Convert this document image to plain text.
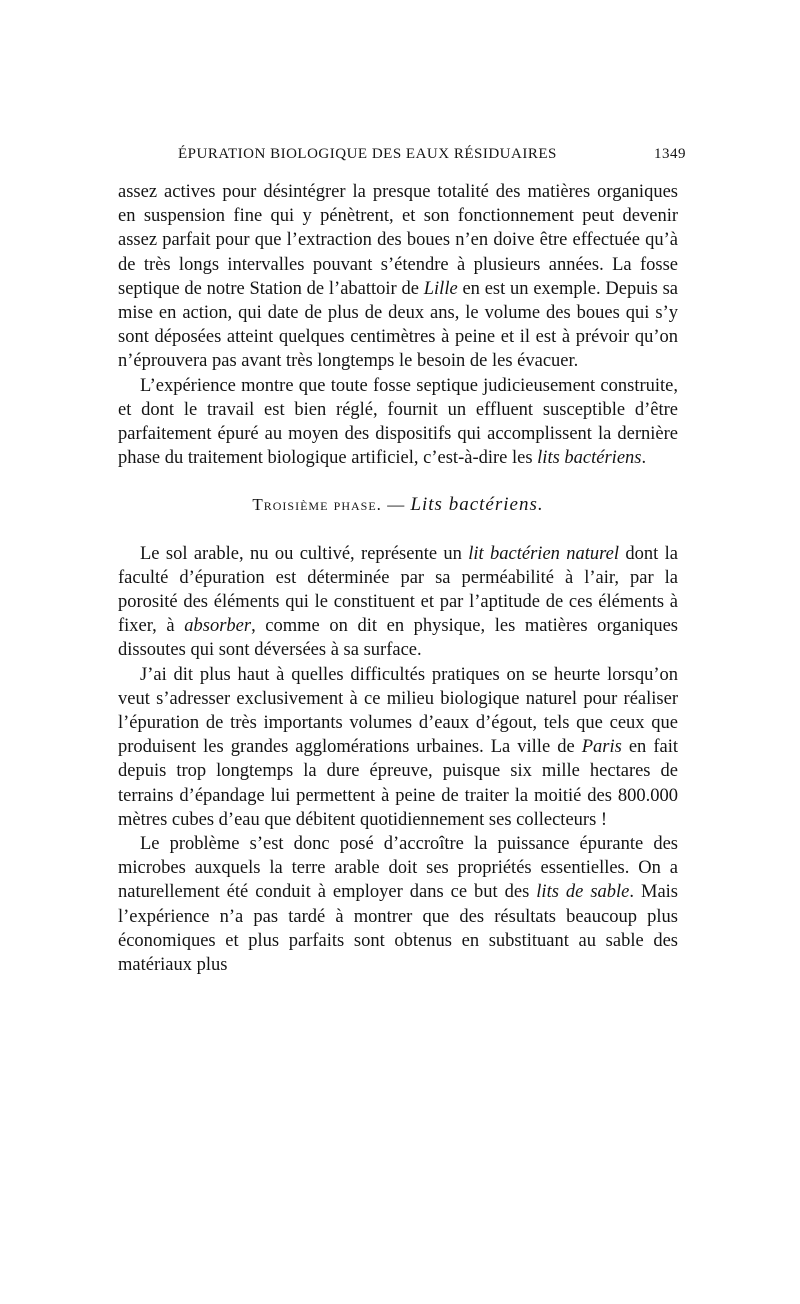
ÉPURATION BIOLOGIQUE DES EAUX RÉSIDUAIRES	1349

assez actives pour désintégrer la presque totalité des matières organiques en suspension fine qui y pénètrent, et son fonctionnement peut devenir assez parfait pour que l’extraction des boues n’en doive être effectuée qu’à de très longs intervalles pouvant s’étendre à plusieurs années. La fosse septique de notre Station de l’abattoir de Lille en est un exemple. Depuis sa mise en action, qui date de plus de deux ans, le volume des boues qui s’y sont déposées atteint quelques centimètres à peine et il est à prévoir qu’on n’éprouvera pas avant très longtemps le besoin de les évacuer.

L’expérience montre que toute fosse septique judicieusement construite, et dont le travail est bien réglé, fournit un effluent susceptible d’être parfaitement épuré au moyen des dispositifs qui accomplissent la dernière phase du traitement biologique artificiel, c’est-à-dire les lits bactériens.

Troisième phase. — Lits bactériens.

Le sol arable, nu ou cultivé, représente un lit bactérien naturel dont la faculté d’épuration est déterminée par sa perméabilité à l’air, par la porosité des éléments qui le constituent et par l’aptitude de ces éléments à fixer, à absorber, comme on dit en physique, les matières organiques dissoutes qui sont déversées à sa surface.

J’ai dit plus haut à quelles difficultés pratiques on se heurte lorsqu’on veut s’adresser exclusivement à ce milieu biologique naturel pour réaliser l’épuration de très importants volumes d’eaux d’égout, tels que ceux que produisent les grandes agglomérations urbaines. La ville de Paris en fait depuis trop longtemps la dure épreuve, puisque six mille hectares de terrains d’épandage lui permettent à peine de traiter la moitié des 800.000 mètres cubes d’eau que débitent quotidiennement ses collecteurs !

Le problème s’est donc posé d’accroître la puissance épurante des microbes auxquels la terre arable doit ses propriétés essentielles. On a naturellement été conduit à employer dans ce but des lits de sable. Mais l’expérience n’a pas tardé à montrer que des résultats beaucoup plus économiques et plus parfaits sont obtenus en substituant au sable des matériaux plus
